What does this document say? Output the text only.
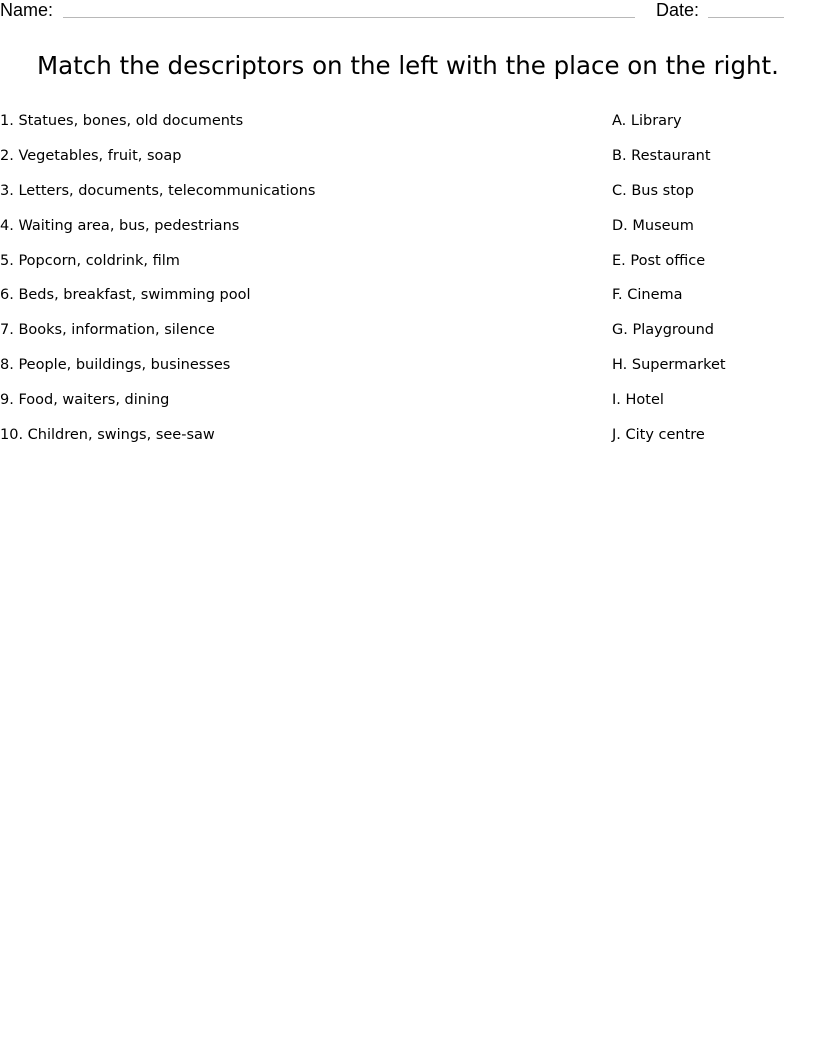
Name:	Date:
Match the descriptors on the left with the place on the right.
1. Statues, bones, old documents
2. Vegetables, fruit, soap
3. Letters, documents, telecommunications
4. Waiting area, bus, pedestrians
5. Popcorn, coldrink, film
6. Beds, breakfast, swimming pool
7. Books, information, silence
8. People, buildings, businesses
9. Food, waiters, dining
10. Children, swings, see-saw
A. Library
B. Restaurant
C. Bus stop
D. Museum
E. Post office
F. Cinema
G. Playground
H. Supermarket
I. Hotel
J. City centre
